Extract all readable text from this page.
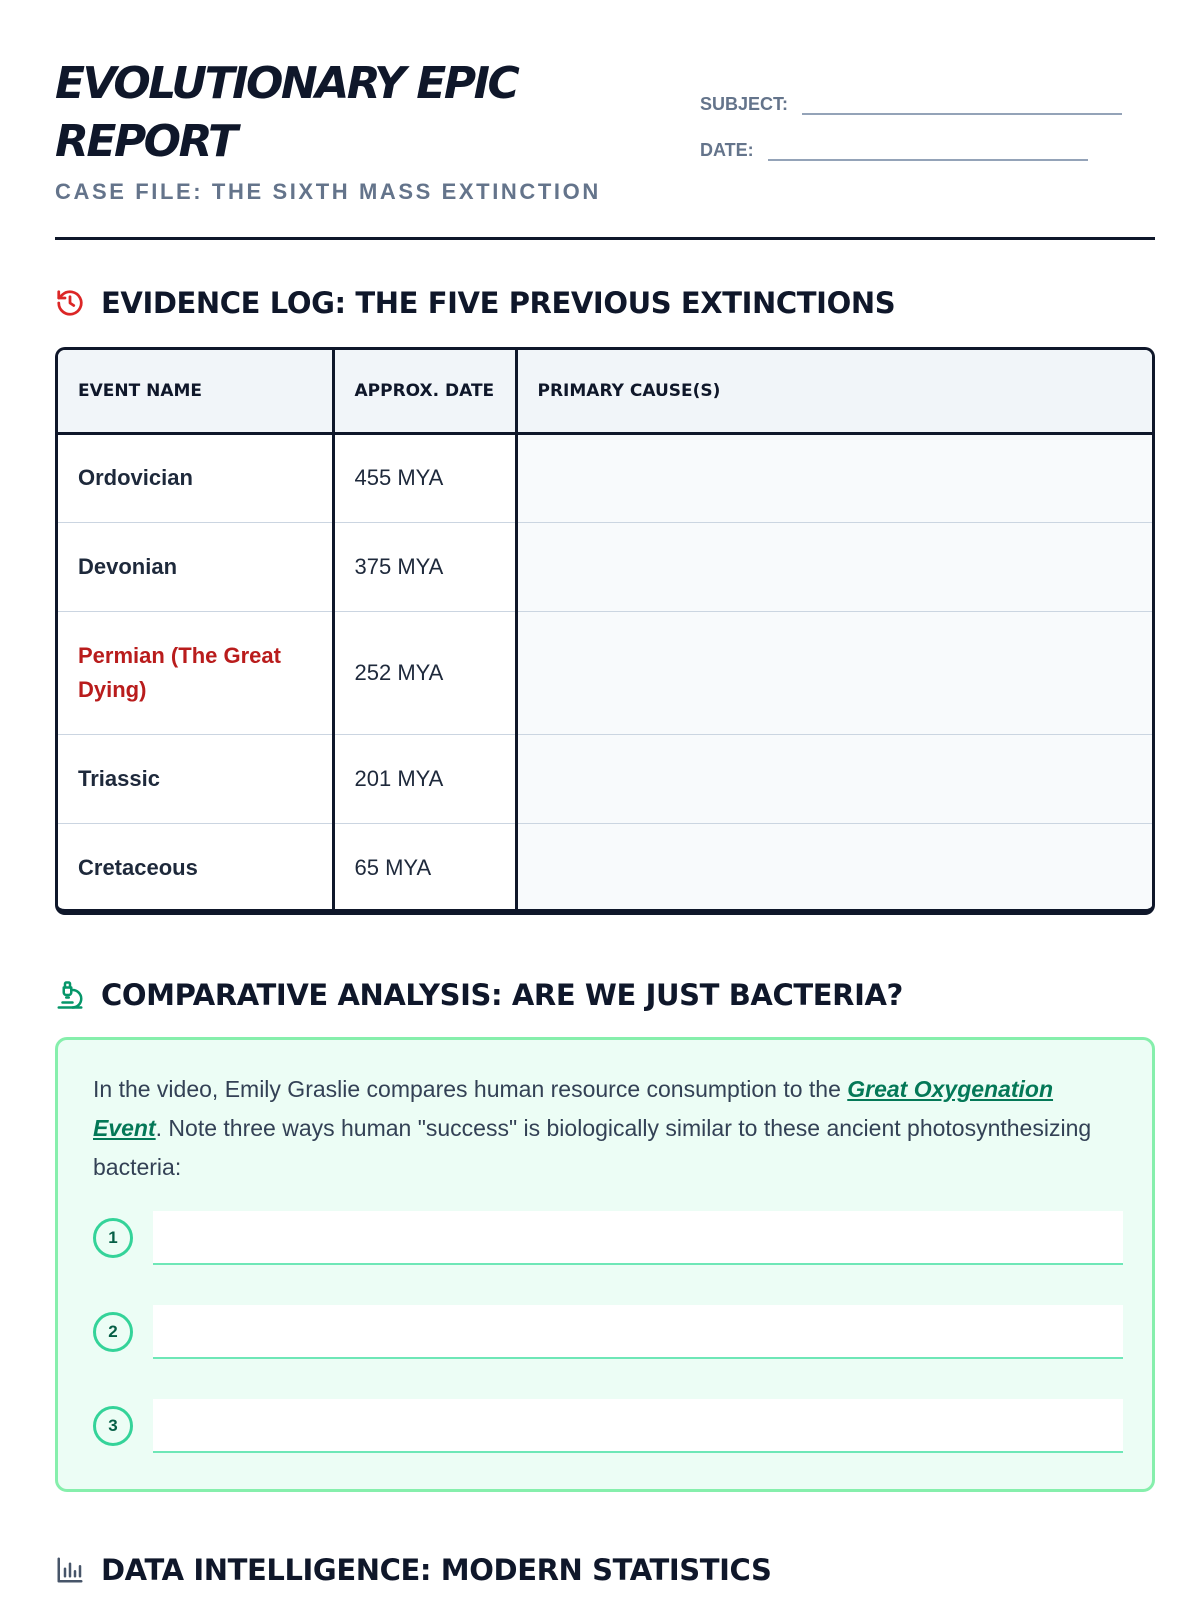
EVOLUTIONARY EPIC REPORT
CASE FILE: THE SIXTH MASS EXTINCTION
SUBJECT:
DATE:
EVIDENCE LOG: THE FIVE PREVIOUS EXTINCTIONS
EVENT NAME	APPROX. DATE	PRIMARY CAUSE(S)
Ordovician	455 MYA	
Devonian	375 MYA	
Permian (The Great Dying)	252 MYA	
Triassic	201 MYA	
Cretaceous	65 MYA	
COMPARATIVE ANALYSIS: ARE WE JUST BACTERIA?

In the video, Emily Graslie compares human resource consumption to the Great Oxygenation Event. Note three ways human "success" is biologically similar to these ancient photosynthesizing bacteria:

1
2
3
DATA INTELLIGENCE: MODERN STATISTICS
